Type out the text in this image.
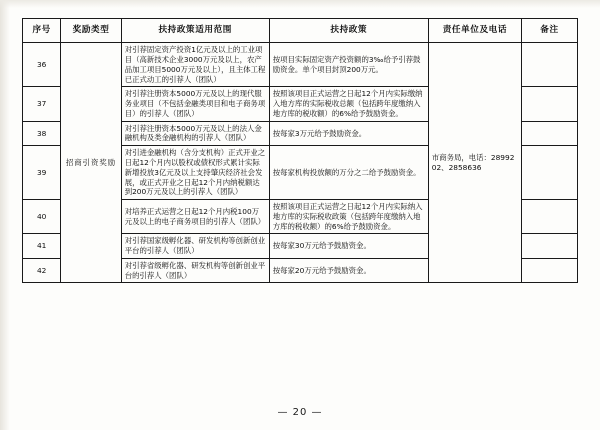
序号	奖励类型	扶持政策适用范围	扶持政策	责任单位及电话	备注
36	招商引资奖励	对引荐固定资产投资1亿元及以上的工业项目（高新技术企业3000万元及以上，农产品加工项目5000万元及以上），且主体工程已正式动工的引荐人（团队）	按项目实际固定资产投资额的3‰给予引荐鼓励资金。单个项目封顶200万元。	市商务局，电话：2899202、2858636	
37		对引荐注册资本5000万元及以上的现代服务业项目（不包括金融类项目和电子商务项目）的引荐人（团队）	按照该项目正式运营之日起12个月内实际缴纳入地方库的实际税收总额（包括跨年度缴纳入地方库的税收额）的6%给予鼓励资金。		
38		对引荐注册资本5000万元及以上的法人金融机构及类金融机构的引荐人（团队）	按每家3万元给予鼓励资金。		
39		对引进金融机构（含分支机构）正式开业之日起12个月内以股权或债权形式累计实际新增投放3亿元及以上支持肇庆经济社会发展，或正式开业之日起12个月内纳税额达到200万元及以上的引荐人（团队）	按每家机构投放额的万分之二给予鼓励资金。		
40		对培养正式运营之日起12个月内税100万元及以上的电子商务项目的引荐人（团队）	按照该项目正式运营之日起12个月内实际纳入地方库的实际税收政策（包括跨年度缴纳入地方库的税收额）的6%给予鼓励资金。		
41		对引荐国家级孵化器、研发机构等创新创业平台的引荐人（团队）	按每家30万元给予鼓励资金。		
42		对引荐省级孵化器、研发机构等创新创业平台的引荐人（团队）	按每家20万元给予鼓励资金。		
— 20 —
